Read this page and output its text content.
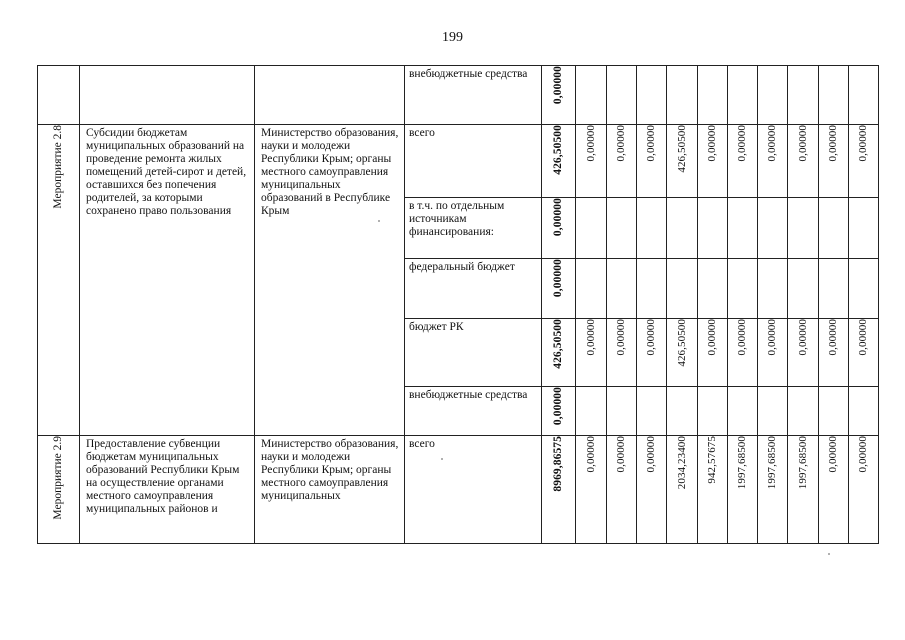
199
			внебюджетные средства	0,00000										
Мероприятие 2.8	Субсидии бюджетам муниципальных образований на проведение ремонта жилых помещений детей-сирот и детей, оставшихся без попечения родителей, за которыми сохранено право пользования	Министерство образования, науки и молодежи Республики Крым; органы местного самоуправления муниципальных образований в Республике Крым	всего	426,50500	0,00000	0,00000	0,00000	426,50500	0,00000	0,00000	0,00000	0,00000	0,00000	0,00000
			в т.ч. по отдельным источникам финансирования:	0,00000										
			федеральный бюджет	0,00000										
			бюджет РК	426,50500	0,00000	0,00000	0,00000	426,50500	0,00000	0,00000	0,00000	0,00000	0,00000	0,00000
			внебюджетные средства	0,00000										
Мероприятие 2.9	Предоставление субвенции бюджетам муниципальных образований Республики Крым на осуществление органами местного самоуправления муниципальных районов и	Министерство образования, науки и молодежи Республики Крым; органы местного самоуправления муниципальных	всего	8969,86575	0,00000	0,00000	0,00000	2034,23400	942,57675	1997,68500	1997,68500	1997,68500	0,00000	0,00000
